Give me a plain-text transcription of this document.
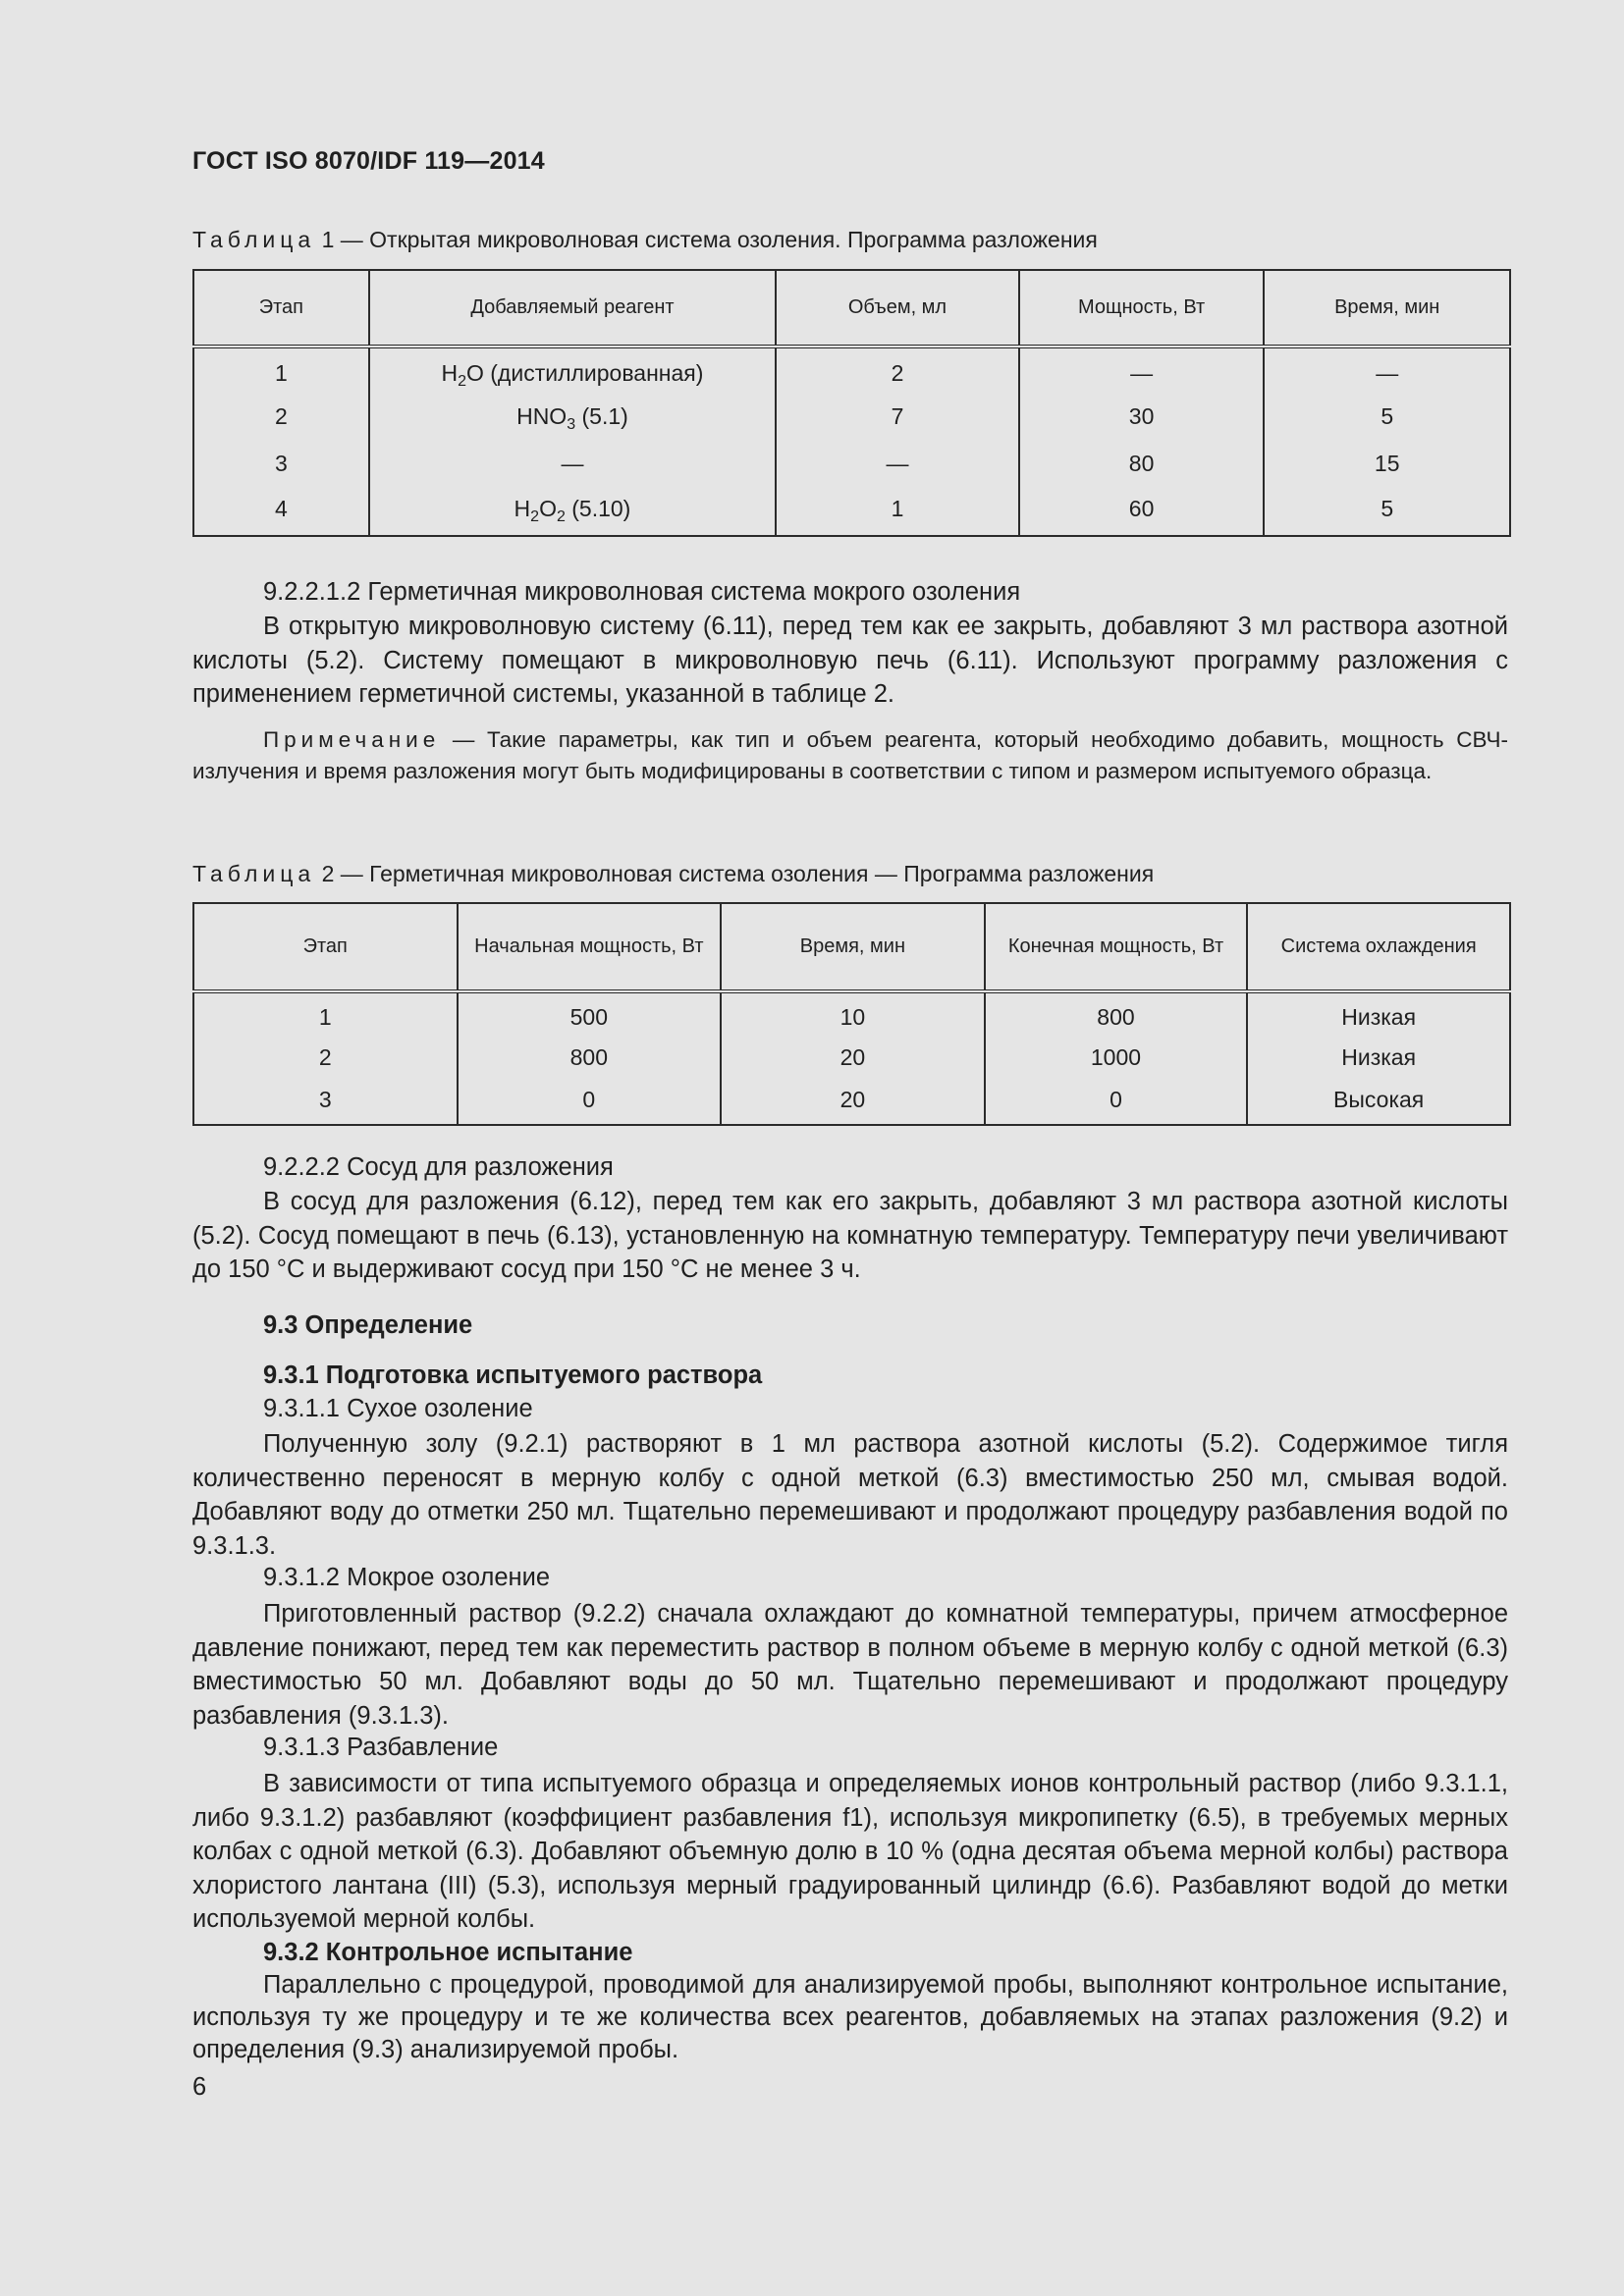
ГОСТ ISO 8070/IDF 119—2014
Таблица 1 — Открытая микроволновая система озоления. Программа разложения
Этап	Добавляемый реагент	Объем, мл	Мощность, Вт	Время, мин
1	$H_2O$ (дистиллированная)	2	—	—
2	$HNO_3$ (5.1)	7	30	5
3	—	—	80	15
4	$H_2O_2$ (5.10)	1	60	5

9.2.2.1.2 Герметичная микроволновая система мокрого озоления

В открытую микроволновую систему (6.11), перед тем как ее закрыть, добавляют 3 мл раствора азотной кислоты (5.2). Систему помещают в микроволновую печь (6.11). Используют программу разложения с применением герметичной системы, указанной в таблице 2.

Примечание — Такие параметры, как тип и объем реагента, который необходимо добавить, мощность СВЧ-излучения и время разложения могут быть модифицированы в соответствии с типом и размером испытуемого образца.

Таблица 2 — Герметичная микроволновая система озоления — Программа разложения
Этап	Начальная мощность, Вт	Время, мин	Конечная мощность, Вт	Система охлаждения
1	500	10	800	Низкая
2	800	20	1000	Низкая
3	0	20	0	Высокая

9.2.2.2 Сосуд для разложения

В сосуд для разложения (6.12), перед тем как его закрыть, добавляют 3 мл раствора азотной кислоты (5.2). Сосуд помещают в печь (6.13), установленную на комнатную температуру. Температуру печи увеличивают до 150 °С и выдерживают сосуд при 150 °С не менее 3 ч.

9.3 Определение

9.3.1 Подготовка испытуемого раствора

9.3.1.1 Сухое озоление

Полученную золу (9.2.1) растворяют в 1 мл раствора азотной кислоты (5.2). Содержимое тигля количественно переносят в мерную колбу с одной меткой (6.3) вместимостью 250 мл, смывая водой. Добавляют воду до отметки 250 мл. Тщательно перемешивают и продолжают процедуру разбавления водой по 9.3.1.3.

9.3.1.2 Мокрое озоление

Приготовленный раствор (9.2.2) сначала охлаждают до комнатной температуры, причем атмосферное давление понижают, перед тем как переместить раствор в полном объеме в мерную колбу с одной меткой (6.3) вместимостью 50 мл. Добавляют воды до 50 мл. Тщательно перемешивают и продолжают процедуру разбавления (9.3.1.3).

9.3.1.3 Разбавление

В зависимости от типа испытуемого образца и определяемых ионов контрольный раствор (либо 9.3.1.1, либо 9.3.1.2) разбавляют (коэффициент разбавления f1), используя микропипетку (6.5), в требуемых мерных колбах с одной меткой (6.3). Добавляют объемную долю в 10 % (одна десятая объема мерной колбы) раствора хлористого лантана (III) (5.3), используя мерный градуированный цилиндр (6.6). Разбавляют водой до метки используемой мерной колбы.

9.3.2 Контрольное испытание

Параллельно с процедурой, проводимой для анализируемой пробы, выполняют контрольное испытание, используя ту же процедуру и те же количества всех реагентов, добавляемых на этапах разложения (9.2) и определения (9.3) анализируемой пробы.

6
